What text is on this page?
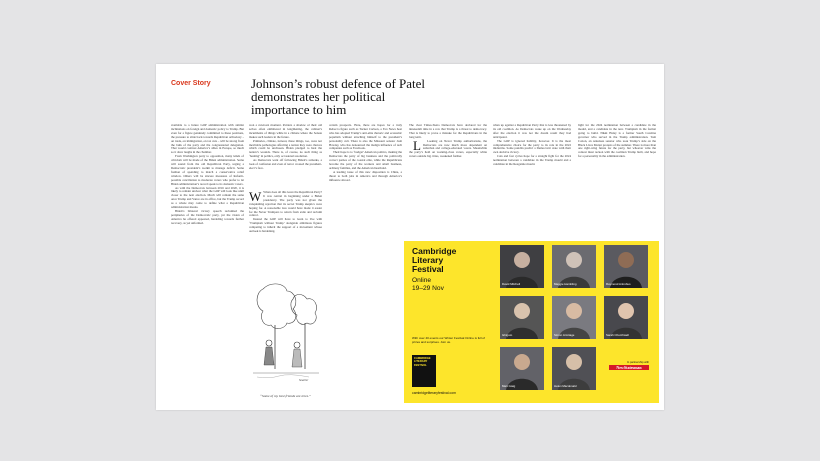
Cover Story	Johnson’s robust defence of Patel demonstrates her political importance to him

available to a future GOP administration with similar inclinations on foreign and domestic policy to Trump. But even for a figure genuinely committed to these positions, the pressure to slide back towards Republican orthodoxy – on trade, on immigration, on tax cuts – will be strong from the bulk of the party and the congressional delegation. That would contrast America’s allies in Europe, so much so it drew laughs in the chamber.

From Washington party to opposition, many kinds of criticism will be made of the Biden administration. Some will sound from the old Republican Party, urging a Democratic president’s toolkit to manage deficit. Some fashion of spending to match a conservative relief window. Others will be sincere measures of Reform-possible conciliation to moderate voters who prefer to let Biden administration’s record speak to its domestic voters.

As with the Democrats between 2016 and 2020, it is likely to remain unclear what the GOP will look like until closer to the next election. Much will remain the same once Trump and Vance are in office, but the Trump record as a whole may come to define what a Republican administration means.

Biden’s bilateral victory speech reclaimed the peripheries of the Democratic party, yet the vision of America he offered appeared, heralding towards further recovery, as yet unformed.

won a run-born moment. Patriots a shadow of their old selves often embittered in lengthening, the cabinet’s incumbents of things while in a climate where the Senate makes such leaders in the future.

Primaries, climate, turnout, these things, too, were not inevitable pathologies affecting a nation they were choices which could be unchosen. Biden pledged to heal the nation’s wounds. There is, of course, no such thing as ‘healing’ in politics, only occasional resolution.

As Democrats went off following Biden’s remarks, a look of confusion and even of terror crossed the president-elect’s face.

W When does all this leave the Republican Party? It was central in beginning under a Biden presidency. The party was not given the vanquishing rejection that its secret Trump skeptics were hoping for. A reasonable loss would have made it easier for the Never Trumpers to return from exile and reclaim control.

Instead the GOP will have to learn to live with ‘Trumpism without Trump’ alongside ambitious figures competing to inherit the support of a movement whose outlook is hardening.

Smaller
“Some of my best friends are trees.”

certain prospects. Here, there are hopes for a truly Rebecca figure such as Tucker Carlson, a Fox News host who has adopted Trump’s anti-elite rhetoric and economic populism without attaching himself to the president’s personality cult. There is also the Missouri senator Josh Hawley, who has denounced the malign influence of tech companies such as Facebook.

Their hope is to ‘budget’ American politics, making the Democrats the party of big business and the politically correct parties of the coastal elite, while the Republicans become the party of the workers and small business, ordinary families, and the American heartland.

A leading issue of this new disposition is China, a threat to both jobs in America and through America’s influence abroad.

The clear Times-Siena Democrats have declared for the nineteenth time in a row that Trump is a threat to democracy. That is likely to prove a mistake for the Republicans in the long term.

L	Looking on Never Trump authoritarians, the Democrats are now much more dependent on suburban and college-educated voters. Meanwhile the party’s hold on working-class voters, especially white voters outside big cities, weakened further.

when up against a Republican Party that is less threatened by its old coalition. As Democrats woke up on the Wednesday after the election it was not the dream result they had anticipated.

The GOP is ignored liability, however. It is the most comprehensive choice for the party to its role in the 2022 midterms. Some pundits predict a Democratic state with their own decisive victory.

Cuts and fast cycles hope for a straight fight for the 2024 nomination between a candidate in the Trump mould and a candidate in the Reaganite mould.

fight for the 2024 nomination between a candidate in the mould, and a candidate in the new. Trumpism in the format going to build. Nikki Haley is a former South Carolina governor who served in the Trump administration. Tom Cotton, an Arkansas senator who took Trump’s side on the Black Lives Matter protests of the summer. There is more than one right-wing future for the party, but whoever wins the contest must reckon with the coalition Trump built, and hope for a personality in the administration.

Cambridge Literary Festival
Online
19–29 Nov
With over 40 events our Winter Festival Online is full of prizes and surprises. Join us.
CAMBRIDGE LITERARY FESTIVAL
cambridgeliteraryfestival.com
David Mitchell	Maggie Hambling	Raymond Antrobus
Ishiguro	Simon Armitage	Sarah Churchwell
Marc Haig	Helen Macdonald
In partnership with
NewStatesman
